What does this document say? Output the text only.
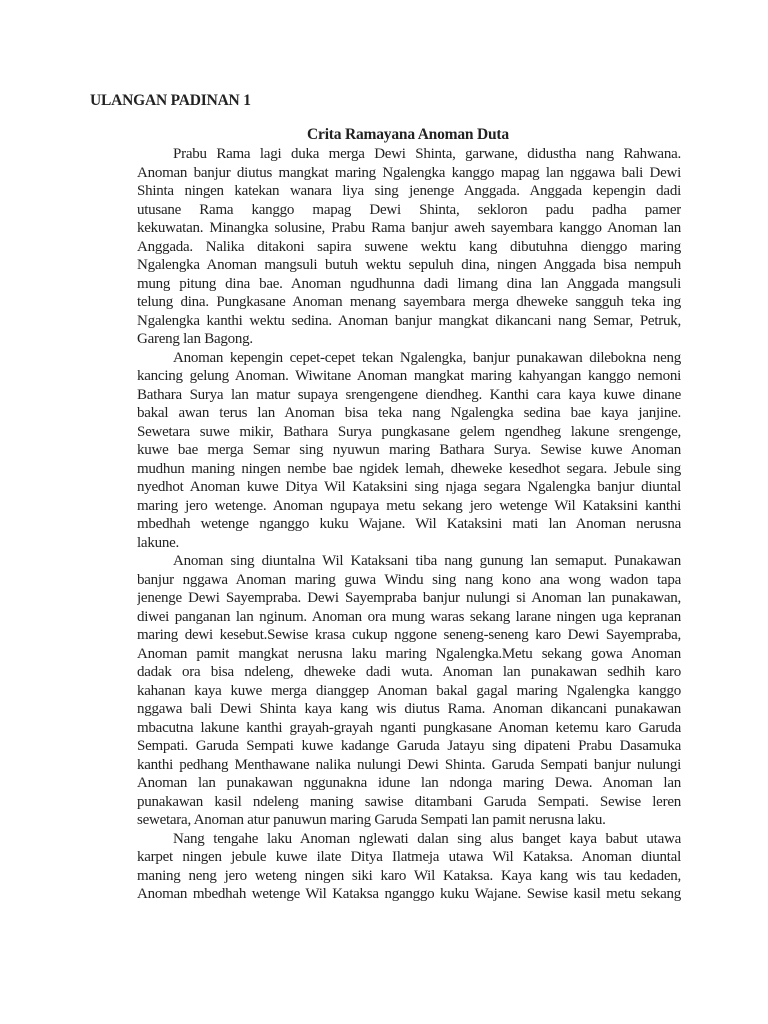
ULANGAN PADINAN 1
Crita Ramayana Anoman Duta
Prabu Rama lagi duka merga Dewi Shinta, garwane, didustha nang Rahwana.
Anoman banjur diutus mangkat maring Ngalengka kanggo mapag lan nggawa bali Dewi
Shinta ningen katekan wanara liya sing jenenge Anggada. Anggada kepengin dadi
utusane Rama kanggo mapag Dewi Shinta, sekloron padu padha pamer
kekuwatan. Minangka solusine, Prabu Rama banjur aweh sayembara kanggo Anoman lan
Anggada. Nalika ditakoni sapira suwene wektu kang dibutuhna dienggo maring
Ngalengka Anoman mangsuli butuh wektu sepuluh dina, ningen Anggada bisa nempuh
mung pitung dina bae. Anoman ngudhunna dadi limang dina lan Anggada mangsuli
telung dina. Pungkasane Anoman menang sayembara merga dheweke sangguh teka ing
Ngalengka kanthi wektu sedina. Anoman banjur mangkat dikancani nang Semar, Petruk,
Gareng lan Bagong.
Anoman kepengin cepet-cepet tekan Ngalengka, banjur punakawan dilebokna neng
kancing gelung Anoman. Wiwitane Anoman mangkat maring kahyangan kanggo nemoni
Bathara Surya lan matur supaya srengengene diendheg. Kanthi cara kaya kuwe dinane
bakal awan terus lan Anoman bisa teka nang Ngalengka sedina bae kaya janjine.
Sewetara suwe mikir, Bathara Surya pungkasane gelem ngendheg lakune srengenge,
kuwe bae merga Semar sing nyuwun maring Bathara Surya. Sewise kuwe Anoman
mudhun maning ningen nembe bae ngidek lemah, dheweke kesedhot segara. Jebule sing
nyedhot Anoman kuwe Ditya Wil Kataksini sing njaga segara Ngalengka banjur diuntal
maring jero wetenge. Anoman ngupaya metu sekang jero wetenge Wil Kataksini kanthi
mbedhah wetenge nganggo kuku Wajane. Wil Kataksini mati lan Anoman nerusna
lakune.
Anoman sing diuntalna Wil Kataksani tiba nang gunung lan semaput. Punakawan
banjur nggawa Anoman maring guwa Windu sing nang kono ana wong wadon tapa
jenenge Dewi Sayempraba. Dewi Sayempraba banjur nulungi si Anoman lan punakawan,
diwei panganan lan nginum. Anoman ora mung waras sekang larane ningen uga kepranan
maring dewi kesebut.Sewise krasa cukup nggone seneng-seneng karo Dewi Sayempraba,
Anoman pamit mangkat nerusna laku maring Ngalengka.Metu sekang gowa Anoman
dadak ora bisa ndeleng, dheweke dadi wuta. Anoman lan punakawan sedhih karo
kahanan kaya kuwe merga dianggep Anoman bakal gagal maring Ngalengka kanggo
nggawa bali Dewi Shinta kaya kang wis diutus Rama. Anoman dikancani punakawan
mbacutna lakune kanthi grayah-grayah nganti pungkasane Anoman ketemu karo Garuda
Sempati. Garuda Sempati kuwe kadange Garuda Jatayu sing dipateni Prabu Dasamuka
kanthi pedhang Menthawane nalika nulungi Dewi Shinta. Garuda Sempati banjur nulungi
Anoman lan punakawan nggunakna idune lan ndonga maring Dewa. Anoman lan
punakawan kasil ndeleng maning sawise ditambani Garuda Sempati. Sewise leren
sewetara, Anoman atur panuwun maring Garuda Sempati lan pamit nerusna laku.
Nang tengahe laku Anoman nglewati dalan sing alus banget kaya babut utawa
karpet ningen jebule kuwe ilate Ditya Ilatmeja utawa Wil Kataksa. Anoman diuntal
maning neng jero weteng ningen siki karo Wil Kataksa. Kaya kang wis tau kedaden,
Anoman mbedhah wetenge Wil Kataksa nganggo kuku Wajane. Sewise kasil metu sekang
